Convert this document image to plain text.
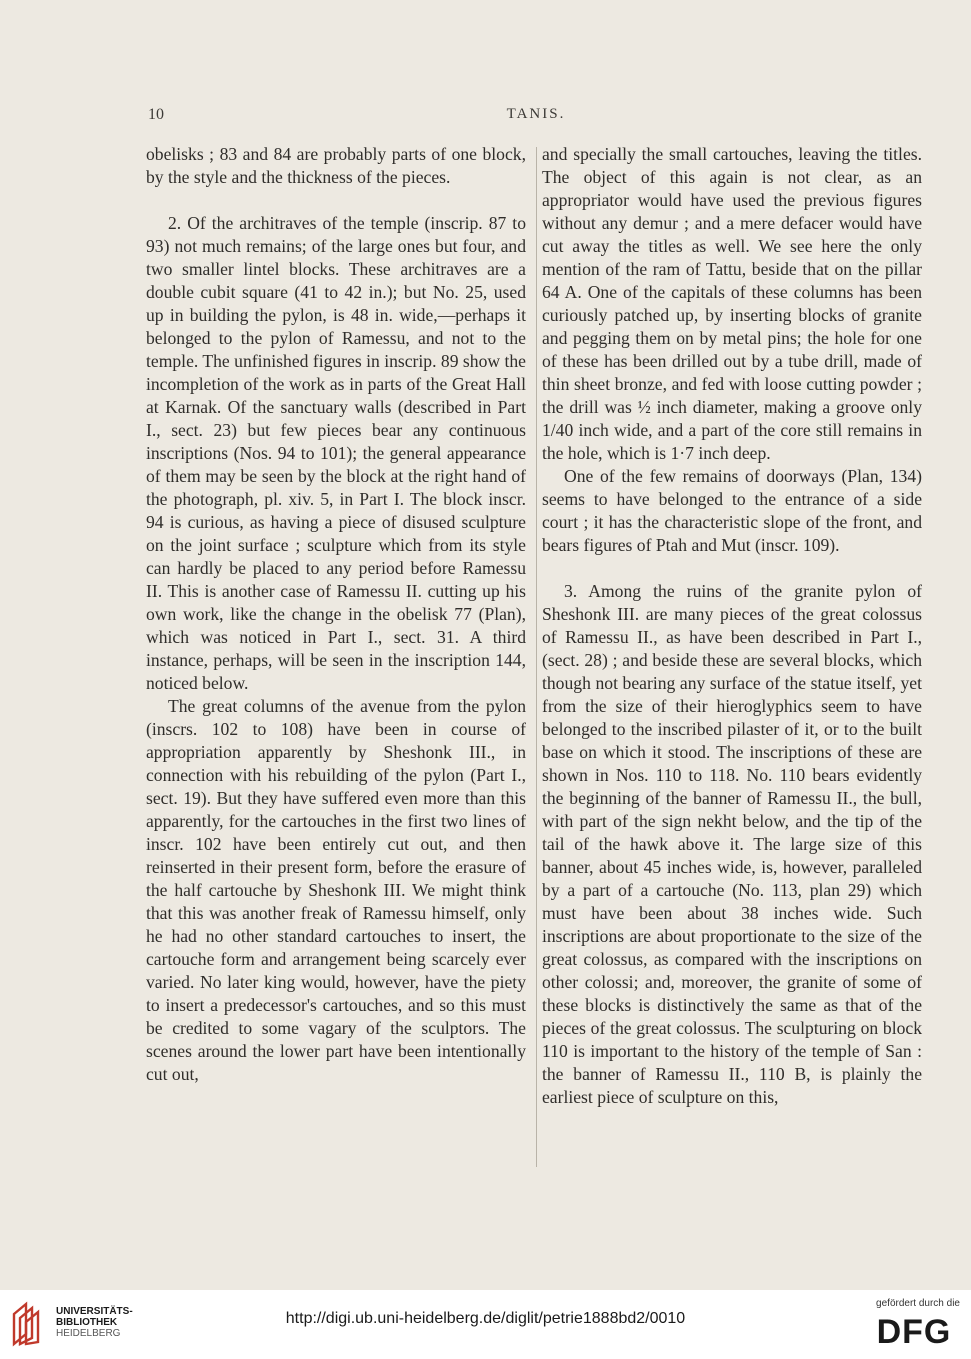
10	TANIS.

obelisks ; 83 and 84 are probably parts of one block, by the style and the thickness of the pieces.

2. Of the architraves of the temple (inscrip. 87 to 93) not much remains; of the large ones but four, and two smaller lintel blocks. These architraves are a double cubit square (41 to 42 in.); but No. 25, used up in building the pylon, is 48 in. wide,—perhaps it belonged to the pylon of Ramessu, and not to the temple. The unfinished figures in inscrip. 89 show the incompletion of the work as in parts of the Great Hall at Karnak. Of the sanctuary walls (described in Part I., sect. 23) but few pieces bear any continuous inscriptions (Nos. 94 to 101); the general appearance of them may be seen by the block at the right hand of the photograph, pl. xiv. 5, in Part I. The block inscr. 94 is curious, as having a piece of disused sculpture on the joint surface ; sculpture which from its style can hardly be placed to any period before Ramessu II. This is another case of Ramessu II. cutting up his own work, like the change in the obelisk 77 (Plan), which was noticed in Part I., sect. 31. A third instance, perhaps, will be seen in the inscription 144, noticed below.

The great columns of the avenue from the pylon (inscrs. 102 to 108) have been in course of appropriation apparently by Sheshonk III., in connection with his rebuilding of the pylon (Part I., sect. 19). But they have suffered even more than this apparently, for the cartouches in the first two lines of inscr. 102 have been entirely cut out, and then reinserted in their present form, before the erasure of the half cartouche by Sheshonk III. We might think that this was another freak of Ramessu himself, only he had no other standard cartouches to insert, the cartouche form and arrangement being scarcely ever varied. No later king would, however, have the piety to insert a predecessor's cartouches, and so this must be credited to some vagary of the sculptors. The scenes around the lower part have been intentionally cut out,

and specially the small cartouches, leaving the titles. The object of this again is not clear, as an appropriator would have used the previous figures without any demur ; and a mere defacer would have cut away the titles as well. We see here the only mention of the ram of Tattu, beside that on the pillar 64 A. One of the capitals of these columns has been curiously patched up, by inserting blocks of granite and pegging them on by metal pins; the hole for one of these has been drilled out by a tube drill, made of thin sheet bronze, and fed with loose cutting powder ; the drill was ½ inch diameter, making a groove only 1/40 inch wide, and a part of the core still remains in the hole, which is 1·7 inch deep.

One of the few remains of doorways (Plan, 134) seems to have belonged to the entrance of a side court ; it has the characteristic slope of the front, and bears figures of Ptah and Mut (inscr. 109).

3. Among the ruins of the granite pylon of Sheshonk III. are many pieces of the great colossus of Ramessu II., as have been described in Part I., (sect. 28) ; and beside these are several blocks, which though not bearing any surface of the statue itself, yet from the size of their hieroglyphics seem to have belonged to the inscribed pilaster of it, or to the built base on which it stood. The inscriptions of these are shown in Nos. 110 to 118. No. 110 bears evidently the beginning of the banner of Ramessu II., the bull, with part of the sign nekht below, and the tip of the tail of the hawk above it. The large size of this banner, about 45 inches wide, is, however, paralleled by a part of a cartouche (No. 113, plan 29) which must have been about 38 inches wide. Such inscriptions are about proportionate to the size of the great colossus, as compared with the inscriptions on other colossi; and, moreover, the granite of some of these blocks is distinctively the same as that of the pieces of the great colossus. The sculpturing on block 110 is important to the history of the temple of San : the banner of Ramessu II., 110 B, is plainly the earliest piece of sculpture on this,

UNIVERSITÄTS-
BIBLIOTHEK
HEIDELBERG
http://digi.ub.uni-heidelberg.de/diglit/petrie1888bd2/0010
gefördert durch die
DFG
